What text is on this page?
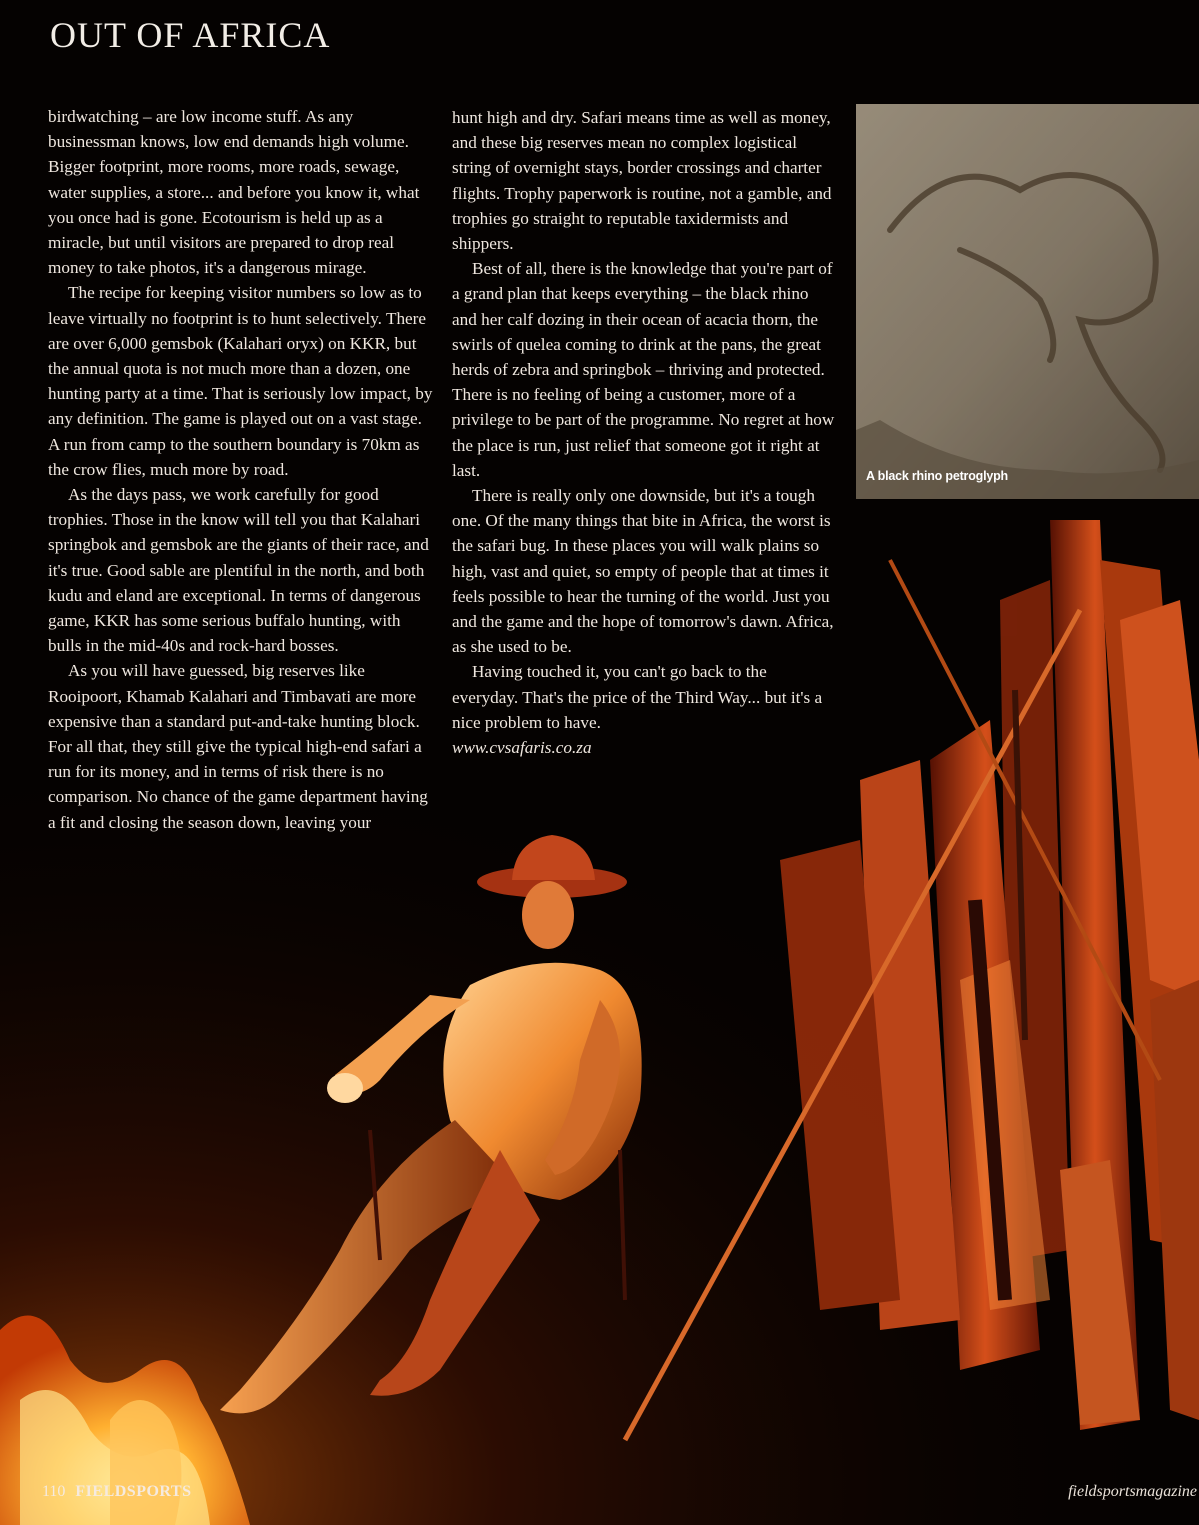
OUT OF AFRICA

birdwatching – are low income stuff. As any businessman knows, low end demands high volume. Bigger footprint, more rooms, more roads, sewage, water supplies, a store... and before you know it, what you once had is gone. Ecotourism is held up as a miracle, but until visitors are prepared to drop real money to take photos, it's a dangerous mirage.

The recipe for keeping visitor numbers so low as to leave virtually no footprint is to hunt selectively. There are over 6,000 gemsbok (Kalahari oryx) on KKR, but the annual quota is not much more than a dozen, one hunting party at a time. That is seriously low impact, by any definition. The game is played out on a vast stage. A run from camp to the southern boundary is 70km as the crow flies, much more by road.

As the days pass, we work carefully for good trophies. Those in the know will tell you that Kalahari springbok and gemsbok are the giants of their race, and it's true. Good sable are plentiful in the north, and both kudu and eland are exceptional. In terms of dangerous game, KKR has some serious buffalo hunting, with bulls in the mid-40s and rock-hard bosses.

As you will have guessed, big reserves like Rooipoort, Khamab Kalahari and Timbavati are more expensive than a standard put-and-take hunting block. For all that, they still give the typical high-end safari a run for its money, and in terms of risk there is no comparison. No chance of the game department having a fit and closing the season down, leaving your

hunt high and dry. Safari means time as well as money, and these big reserves mean no complex logistical string of overnight stays, border crossings and charter flights. Trophy paperwork is routine, not a gamble, and trophies go straight to reputable taxidermists and shippers.

Best of all, there is the knowledge that you're part of a grand plan that keeps everything – the black rhino and her calf dozing in their ocean of acacia thorn, the swirls of quelea coming to drink at the pans, the great herds of zebra and springbok – thriving and protected. There is no feeling of being a customer, more of a privilege to be part of the programme. No regret at how the place is run, just relief that someone got it right at last.

There is really only one downside, but it's a tough one. Of the many things that bite in Africa, the worst is the safari bug. In these places you will walk plains so high, vast and quiet, so empty of people that at times it feels possible to hear the turning of the world. Just you and the game and the hope of tomorrow's dawn. Africa, as she used to be.

Having touched it, you can't go back to the everyday. That's the price of the Third Way... but it's a nice problem to have.

www.cvsafaris.co.za
A black rhino petroglyph
110 FIELDSPORTS	fieldsportsmagazine
